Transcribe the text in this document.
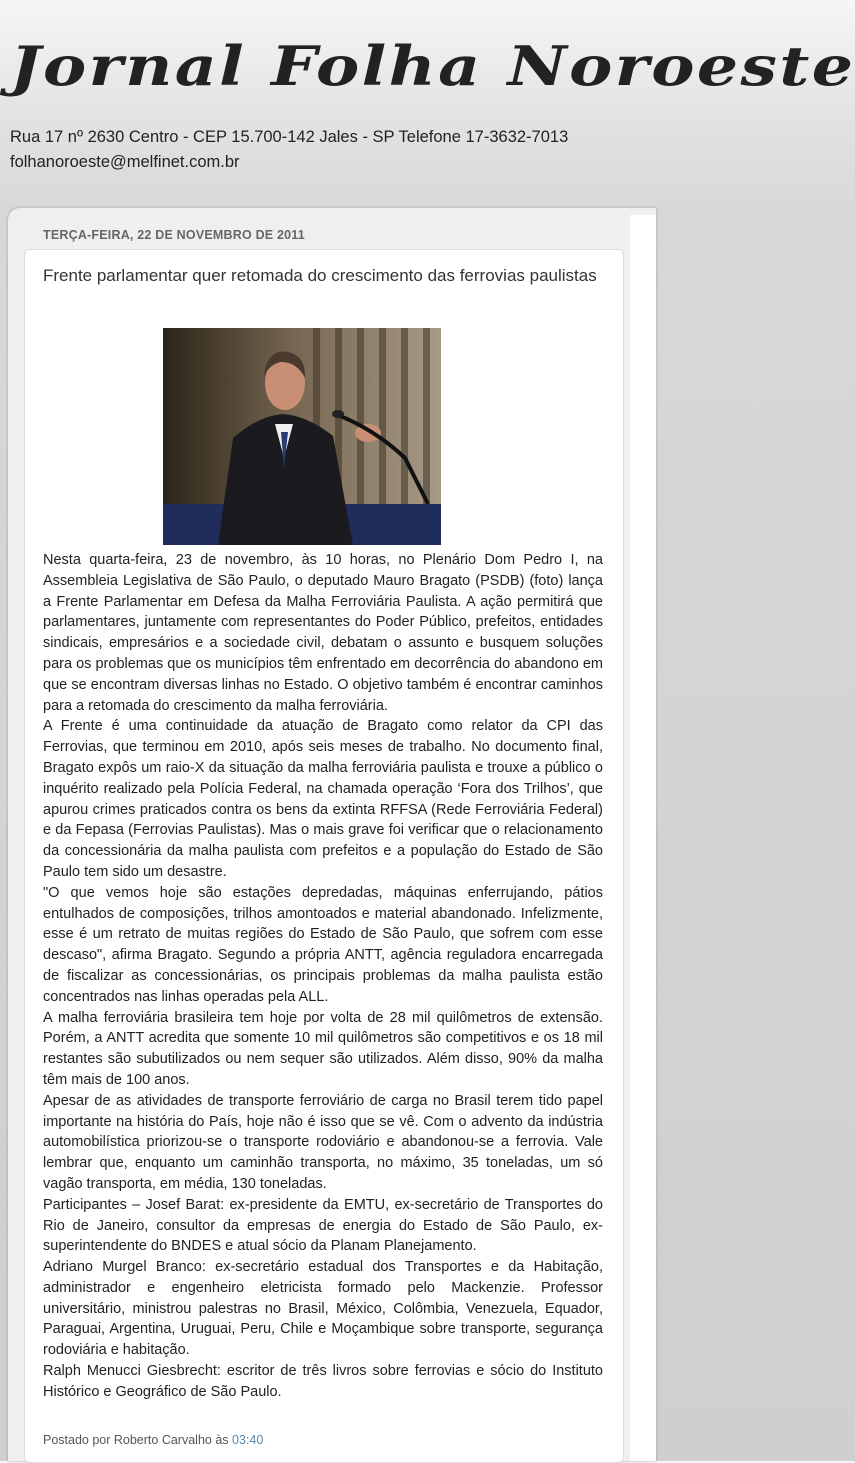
Jornal Folha Noroeste
Rua 17 nº 2630 Centro - CEP 15.700-142 Jales - SP Telefone 17-3632-7013
folhanoroeste@melfinet.com.br
TERÇA-FEIRA, 22 DE NOVEMBRO DE 2011
Frente parlamentar quer retomada do crescimento das ferrovias paulistas

Nesta quarta-feira, 23 de novembro, às 10 horas, no Plenário Dom Pedro I, na Assembleia Legislativa de São Paulo, o deputado Mauro Bragato (PSDB) (foto) lança a Frente Parlamentar em Defesa da Malha Ferroviária Paulista. A ação permitirá que parlamentares, juntamente com representantes do Poder Público, prefeitos, entidades sindicais, empresários e a sociedade civil, debatam o assunto e busquem soluções para os problemas que os municípios têm enfrentado em decorrência do abandono em que se encontram diversas linhas no Estado. O objetivo também é encontrar caminhos para a retomada do crescimento da malha ferroviária.

A Frente é uma continuidade da atuação de Bragato como relator da CPI das Ferrovias, que terminou em 2010, após seis meses de trabalho. No documento final, Bragato expôs um raio-X da situação da malha ferroviária paulista e trouxe a público o inquérito realizado pela Polícia Federal, na chamada operação ‘Fora dos Trilhos’, que apurou crimes praticados contra os bens da extinta RFFSA (Rede Ferroviária Federal) e da Fepasa (Ferrovias Paulistas). Mas o mais grave foi verificar que o relacionamento da concessionária da malha paulista com prefeitos e a população do Estado de São Paulo tem sido um desastre.

"O que vemos hoje são estações depredadas, máquinas enferrujando, pátios entulhados de composições, trilhos amontoados e material abandonado. Infelizmente, esse é um retrato de muitas regiões do Estado de São Paulo, que sofrem com esse descaso", afirma Bragato. Segundo a própria ANTT, agência reguladora encarregada de fiscalizar as concessionárias, os principais problemas da malha paulista estão concentrados nas linhas operadas pela ALL.

A malha ferroviária brasileira tem hoje por volta de 28 mil quilômetros de extensão. Porém, a ANTT acredita que somente 10 mil quilômetros são competitivos e os 18 mil restantes são subutilizados ou nem sequer são utilizados. Além disso, 90% da malha têm mais de 100 anos.

Apesar de as atividades de transporte ferroviário de carga no Brasil terem tido papel importante na história do País, hoje não é isso que se vê. Com o advento da indústria automobilística priorizou-se o transporte rodoviário e abandonou-se a ferrovia. Vale lembrar que, enquanto um caminhão transporta, no máximo, 35 toneladas, um só vagão transporta, em média, 130 toneladas.

Participantes – Josef Barat: ex-presidente da EMTU, ex-secretário de Transportes do Rio de Janeiro, consultor da empresas de energia do Estado de São Paulo, ex-superintendente do BNDES e atual sócio da Planam Planejamento.

Adriano Murgel Branco: ex-secretário estadual dos Transportes e da Habitação, administrador e engenheiro eletricista formado pelo Mackenzie. Professor universitário, ministrou palestras no Brasil, México, Colômbia, Venezuela, Equador, Paraguai, Argentina, Uruguai, Peru, Chile e Moçambique sobre transporte, segurança rodoviária e habitação.

Ralph Menucci Giesbrecht: escritor de três livros sobre ferrovias e sócio do Instituto Histórico e Geográfico de São Paulo.

Postado por Roberto Carvalho às 03:40
